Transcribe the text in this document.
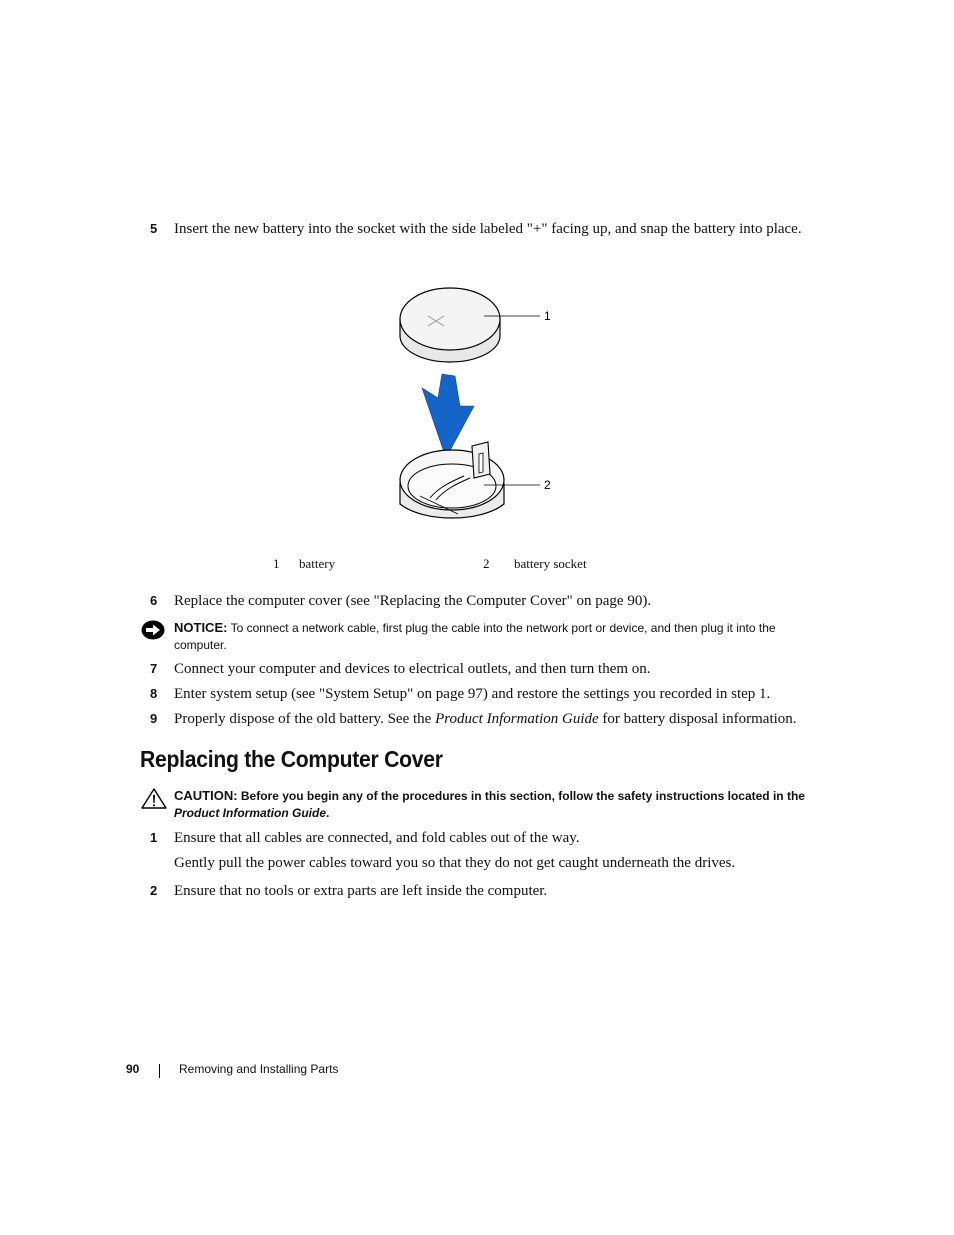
5 Insert the new battery into the socket with the side labeled "+" facing up, and snap the battery into place.
1
2
1 battery	2 battery socket
6 Replace the computer cover (see "Replacing the Computer Cover" on page 90).
NOTICE: To connect a network cable, first plug the cable into the network port or device, and then plug it into the computer.
7 Connect your computer and devices to electrical outlets, and then turn them on.
8 Enter system setup (see "System Setup" on page 97) and restore the settings you recorded in step 1.
9 Properly dispose of the old battery. See the Product Information Guide for battery disposal information.
Replacing the Computer Cover
CAUTION: Before you begin any of the procedures in this section, follow the safety instructions located in the Product Information Guide.
1 Ensure that all cables are connected, and fold cables out of the way.
Gently pull the power cables toward you so that they do not get caught underneath the drives.
2 Ensure that no tools or extra parts are left inside the computer.
90	Removing and Installing Parts
